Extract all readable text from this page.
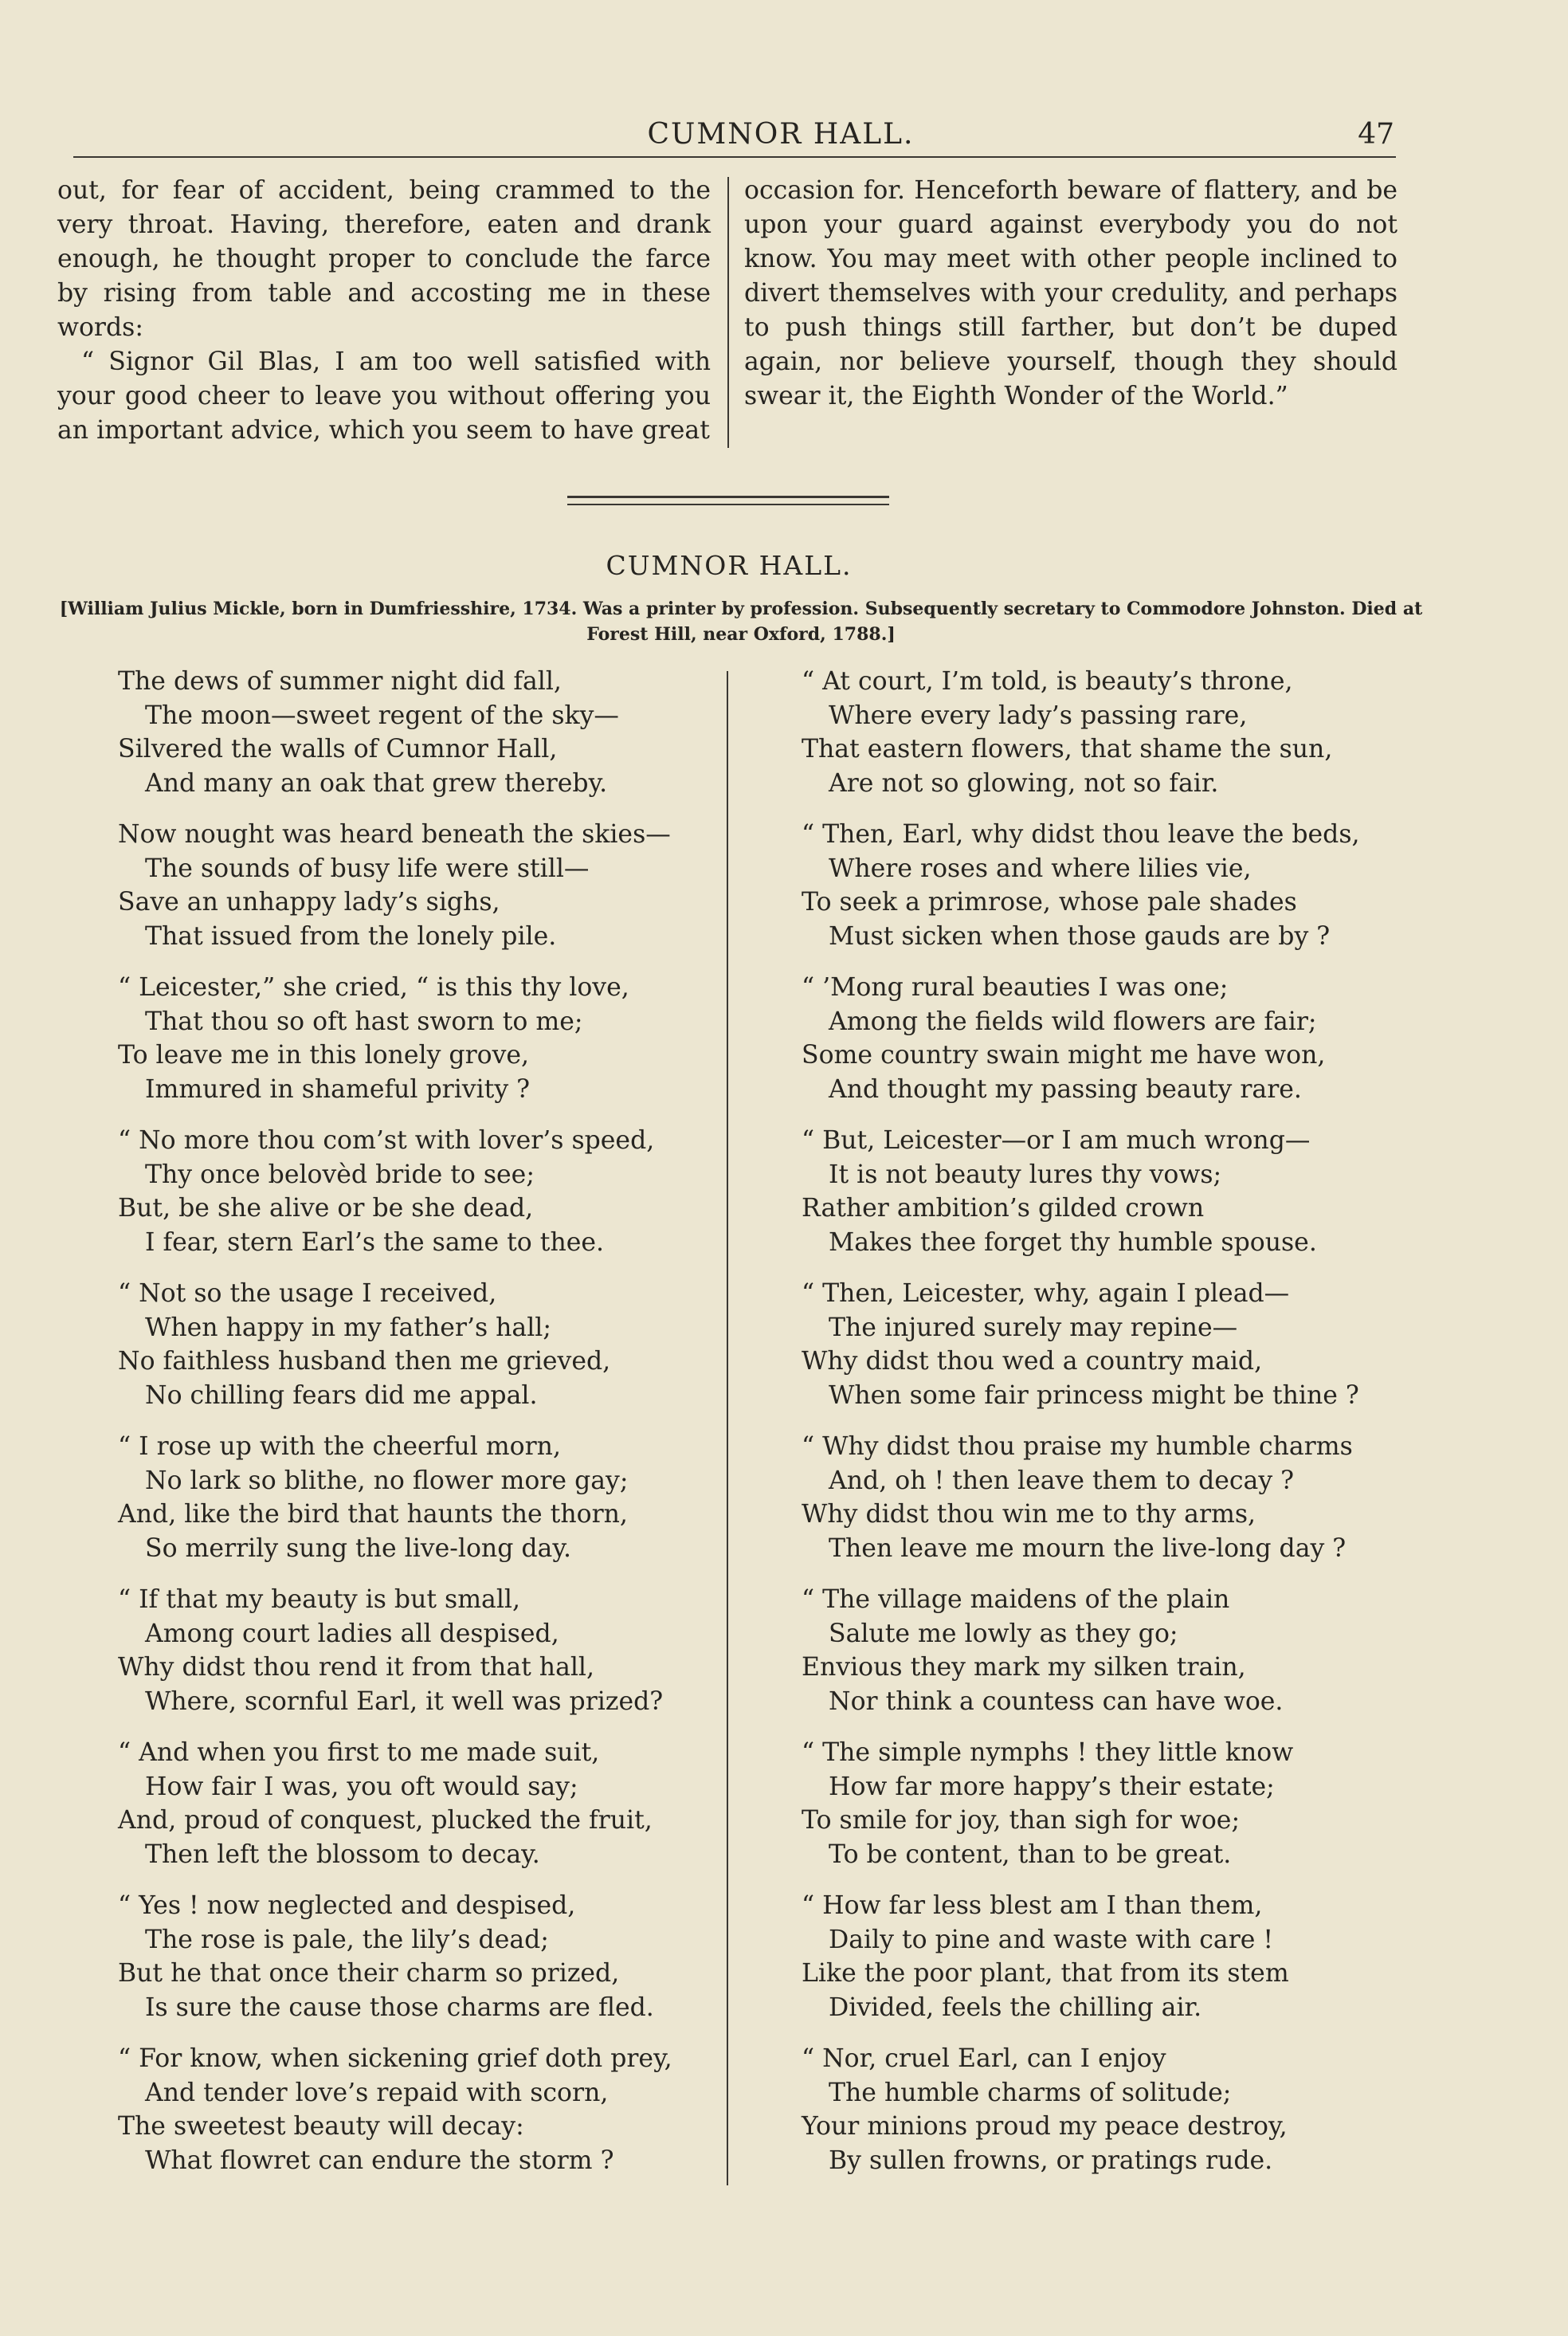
CUMNOR HALL.	47

out, for fear of accident, being crammed to the very throat. Having, therefore, eaten and drank enough, he thought proper to conclude the farce by rising from table and accosting me in these words:

“ Signor Gil Blas, I am too well satisfied with your good cheer to leave you without offering you an important advice, which you seem to have great

occasion for. Henceforth beware of flattery, and be upon your guard against everybody you do not know. You may meet with other people inclined to divert themselves with your credulity, and perhaps to push things still farther, but don’t be duped again, nor believe yourself, though they should swear it, the Eighth Wonder of the World.”

CUMNOR HALL.
[William Julius Mickle, born in Dumfriesshire, 1734. Was a printer by profession. Subsequently secretary to Commodore Johnston. Died at Forest Hill, near Oxford, 1788.]
The dews of summer night did fall,
The moon—sweet regent of the sky—
Silvered the walls of Cumnor Hall,
And many an oak that grew thereby.
Now nought was heard beneath the skies—
The sounds of busy life were still—
Save an unhappy lady’s sighs,
That issued from the lonely pile.
“ Leicester,” she cried, “ is this thy love,
That thou so oft hast sworn to me;
To leave me in this lonely grove,
Immured in shameful privity ?
“ No more thou com’st with lover’s speed,
Thy once belovèd bride to see;
But, be she alive or be she dead,
I fear, stern Earl’s the same to thee.
“ Not so the usage I received,
When happy in my father’s hall;
No faithless husband then me grieved,
No chilling fears did me appal.
“ I rose up with the cheerful morn,
No lark so blithe, no flower more gay;
And, like the bird that haunts the thorn,
So merrily sung the live-long day.
“ If that my beauty is but small,
Among court ladies all despised,
Why didst thou rend it from that hall,
Where, scornful Earl, it well was prized?
“ And when you first to me made suit,
How fair I was, you oft would say;
And, proud of conquest, plucked the fruit,
Then left the blossom to decay.
“ Yes ! now neglected and despised,
The rose is pale, the lily’s dead;
But he that once their charm so prized,
Is sure the cause those charms are fled.
“ For know, when sickening grief doth prey,
And tender love’s repaid with scorn,
The sweetest beauty will decay:
What flowret can endure the storm ?
“ At court, I’m told, is beauty’s throne,
Where every lady’s passing rare,
That eastern flowers, that shame the sun,
Are not so glowing, not so fair.
“ Then, Earl, why didst thou leave the beds,
Where roses and where lilies vie,
To seek a primrose, whose pale shades
Must sicken when those gauds are by ?
“ ’Mong rural beauties I was one;
Among the fields wild flowers are fair;
Some country swain might me have won,
And thought my passing beauty rare.
“ But, Leicester—or I am much wrong—
It is not beauty lures thy vows;
Rather ambition’s gilded crown
Makes thee forget thy humble spouse.
“ Then, Leicester, why, again I plead—
The injured surely may repine—
Why didst thou wed a country maid,
When some fair princess might be thine ?
“ Why didst thou praise my humble charms
And, oh ! then leave them to decay ?
Why didst thou win me to thy arms,
Then leave me mourn the live-long day ?
“ The village maidens of the plain
Salute me lowly as they go;
Envious they mark my silken train,
Nor think a countess can have woe.
“ The simple nymphs ! they little know
How far more happy’s their estate;
To smile for joy, than sigh for woe;
To be content, than to be great.
“ How far less blest am I than them,
Daily to pine and waste with care !
Like the poor plant, that from its stem
Divided, feels the chilling air.
“ Nor, cruel Earl, can I enjoy
The humble charms of solitude;
Your minions proud my peace destroy,
By sullen frowns, or pratings rude.
